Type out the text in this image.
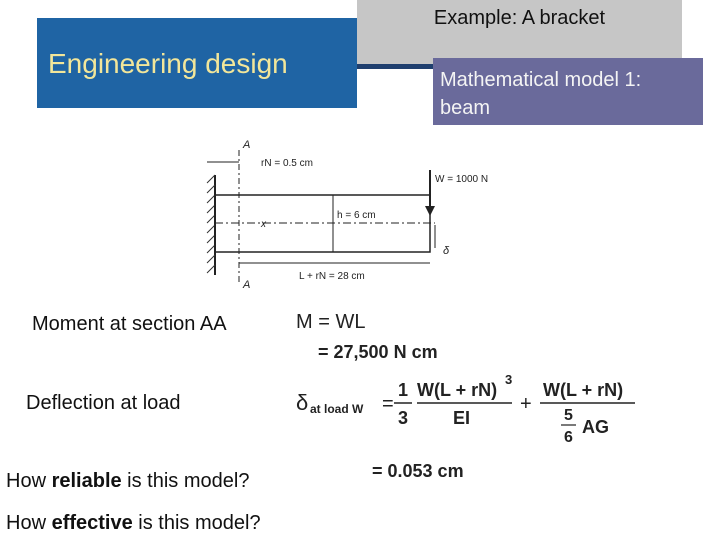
Example: A bracket
Engineering design
Mathematical model 1:
beam
A
A
rN = 0.5 cm
x
h = 6 cm
W = 1000 N
δ
L + rN = 28 cm
Moment at section AA
Deflection at load
How reliable is this model?
How effective is this model?
M = WL
= 27,500 N cm
δ at load W =
1
3
W(L + rN)
3
EI
+
W(L + rN)
5
6
AG
= 0.053 cm
